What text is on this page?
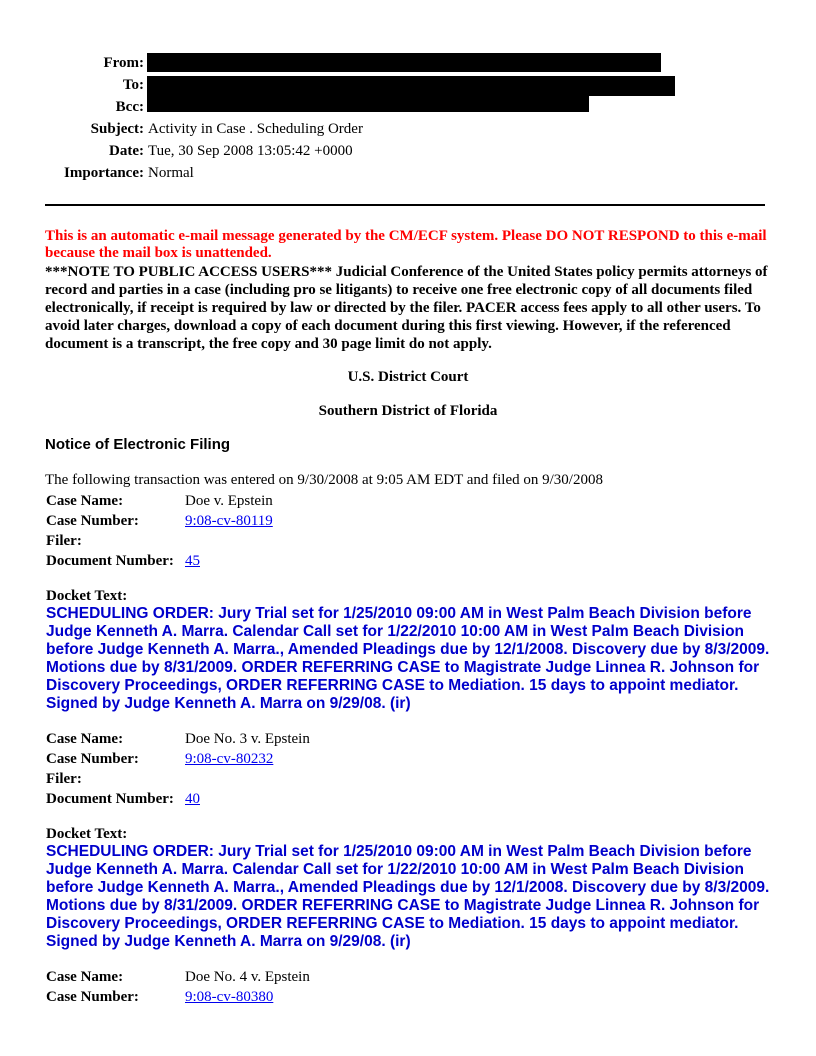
From:
To:
Bcc:
Subject: Activity in Case . Scheduling Order
Date: Tue, 30 Sep 2008 13:05:42 +0000
Importance: Normal
This is an automatic e-mail message generated by the CM/ECF system. Please DO NOT RESPOND to this e-mail because the mail box is unattended.
***NOTE TO PUBLIC ACCESS USERS*** Judicial Conference of the United States policy permits attorneys of record and parties in a case (including pro se litigants) to receive one free electronic copy of all documents filed electronically, if receipt is required by law or directed by the filer. PACER access fees apply to all other users. To avoid later charges, download a copy of each document during this first viewing. However, if the referenced document is a transcript, the free copy and 30 page limit do not apply.
U.S. District Court
Southern District of Florida
Notice of Electronic Filing
The following transaction was entered on 9/30/2008 at 9:05 AM EDT and filed on 9/30/2008
Case Name:	Doe v. Epstein
Case Number:	9:08-cv-80119
Filer:
Document Number: 45
Docket Text:
SCHEDULING ORDER: Jury Trial set for 1/25/2010 09:00 AM in West Palm Beach Division before Judge Kenneth A. Marra. Calendar Call set for 1/22/2010 10:00 AM in West Palm Beach Division before Judge Kenneth A. Marra., Amended Pleadings due by 12/1/2008. Discovery due by 8/3/2009. Motions due by 8/31/2009. ORDER REFERRING CASE to Magistrate Judge Linnea R. Johnson for Discovery Proceedings, ORDER REFERRING CASE to Mediation. 15 days to appoint mediator. Signed by Judge Kenneth A. Marra on 9/29/08. (ir)
Case Name:	Doe No. 3 v. Epstein
Case Number:	9:08-cv-80232
Filer:
Document Number: 40
Docket Text:
SCHEDULING ORDER: Jury Trial set for 1/25/2010 09:00 AM in West Palm Beach Division before Judge Kenneth A. Marra. Calendar Call set for 1/22/2010 10:00 AM in West Palm Beach Division before Judge Kenneth A. Marra., Amended Pleadings due by 12/1/2008. Discovery due by 8/3/2009. Motions due by 8/31/2009. ORDER REFERRING CASE to Magistrate Judge Linnea R. Johnson for Discovery Proceedings, ORDER REFERRING CASE to Mediation. 15 days to appoint mediator. Signed by Judge Kenneth A. Marra on 9/29/08. (ir)
Case Name:	Doe No. 4 v. Epstein
Case Number:	9:08-cv-80380
